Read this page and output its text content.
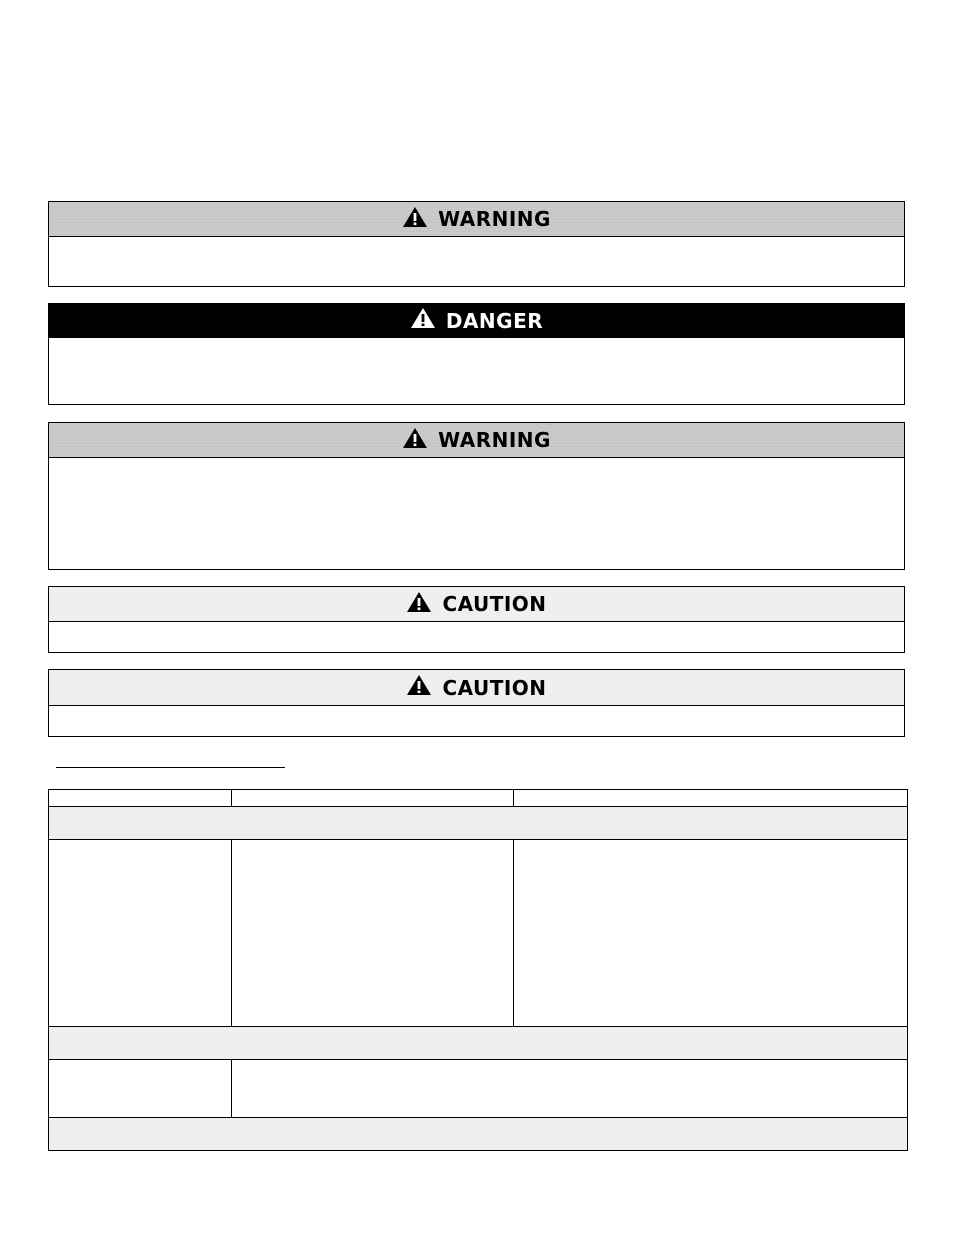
WARNING
DANGER
WARNING
CAUTION
CAUTION
